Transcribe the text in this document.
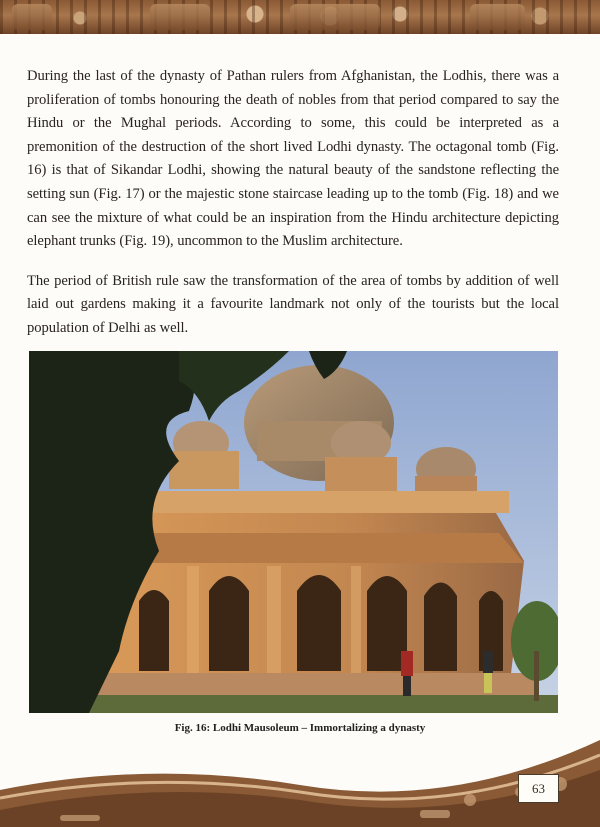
During the last of the dynasty of Pathan rulers from Afghanistan, the Lodhis, there was a proliferation of tombs honouring the death of nobles from that period compared to say the Hindu or the Mughal periods. According to some, this could be interpreted as a premonition of the destruction of the short lived Lodhi dynasty. The octagonal tomb (Fig. 16) is that of Sikandar Lodhi, showing the natural beauty of the sandstone reflecting the setting sun (Fig. 17) or the majestic stone staircase leading up to the tomb (Fig. 18) and we can see the mixture of what could be an inspiration from the Hindu architecture depicting elephant trunks (Fig. 19), uncommon to the Muslim architecture.

The period of British rule saw the transformation of the area of tombs by addition of well laid out gardens making it a favourite landmark not only of the tourists but the local population of Delhi as well.

Fig. 16: Lodhi Mausoleum – Immortalizing a dynasty
63
